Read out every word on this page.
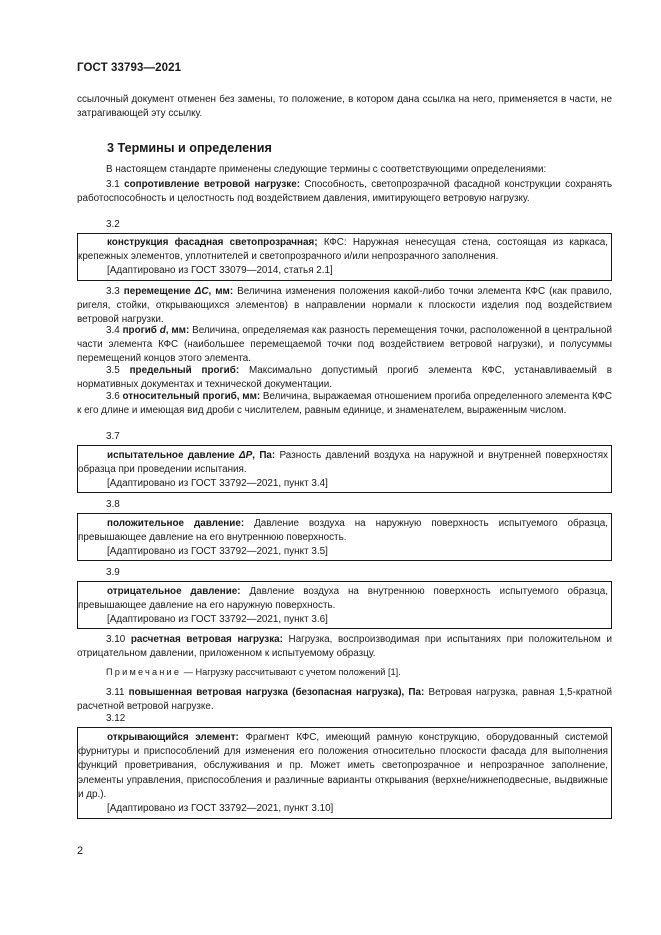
ГОСТ 33793—2021

ссылочный документ отменен без замены, то положение, в котором дана ссылка на него, применяется в части, не затрагивающей эту ссылку.

3 Термины и определения

В настоящем стандарте применены следующие термины с соответствующими определениями:

3.1 сопротивление ветровой нагрузке: Способность, светопрозрачной фасадной конструкции сохранять работоспособность и целостность под воздействием давления, имитирующего ветровую нагрузку.

3.2

конструкция фасадная светопрозрачная; КФС: Наружная ненесущая стена, состоящая из каркаса, крепежных элементов, уплотнителей и светопрозрачного и/или непрозрачного заполнения.

[Адаптировано из ГОСТ 33079—2014, статья 2.1]

3.3 перемещение ΔC, мм: Величина изменения положения какой-либо точки элемента КФС (как правило, ригеля, стойки, открывающихся элементов) в направлении нормали к плоскости изделия под воздействием ветровой нагрузки.

3.4 прогиб d, мм: Величина, определяемая как разность перемещения точки, расположенной в центральной части элемента КФС (наибольшее перемещаемой точки под воздействием ветровой нагрузки), и полусуммы перемещений концов этого элемента.

3.5 предельный прогиб: Максимально допустимый прогиб элемента КФС, устанавливаемый в нормативных документах и технической документации.

3.6 относительный прогиб, мм: Величина, выражаемая отношением прогиба определенного элемента КФС к его длине и имеющая вид дроби с числителем, равным единице, и знаменателем, выраженным числом.

3.7

испытательное давление ΔP, Па: Разность давлений воздуха на наружной и внутренней поверхностях образца при проведении испытания.

[Адаптировано из ГОСТ 33792—2021, пункт 3.4]

3.8

положительное давление: Давление воздуха на наружную поверхность испытуемого образца, превышающее давление на его внутреннюю поверхность.

[Адаптировано из ГОСТ 33792—2021, пункт 3.5]

3.9

отрицательное давление: Давление воздуха на внутреннюю поверхность испытуемого образца, превышающее давление на его наружную поверхность.

[Адаптировано из ГОСТ 33792—2021, пункт 3.6]

3.10 расчетная ветровая нагрузка: Нагрузка, воспроизводимая при испытаниях при положительном и отрицательном давлении, приложенном к испытуемому образцу.

Примечание — Нагрузку рассчитывают с учетом положений [1].

3.11 повышенная ветровая нагрузка (безопасная нагрузка), Па: Ветровая нагрузка, равная 1,5-кратной расчетной ветровой нагрузке.

3.12

открывающийся элемент: Фрагмент КФС, имеющий рамную конструкцию, оборудованный системой фурнитуры и приспособлений для изменения его положения относительно плоскости фасада для выполнения функций проветривания, обслуживания и пр. Может иметь светопрозрачное и непрозрачное заполнение, элементы управления, приспособления и различные варианты открывания (верхне/нижнеподвесные, выдвижные и др.).

[Адаптировано из ГОСТ 33792—2021, пункт 3.10]

2
